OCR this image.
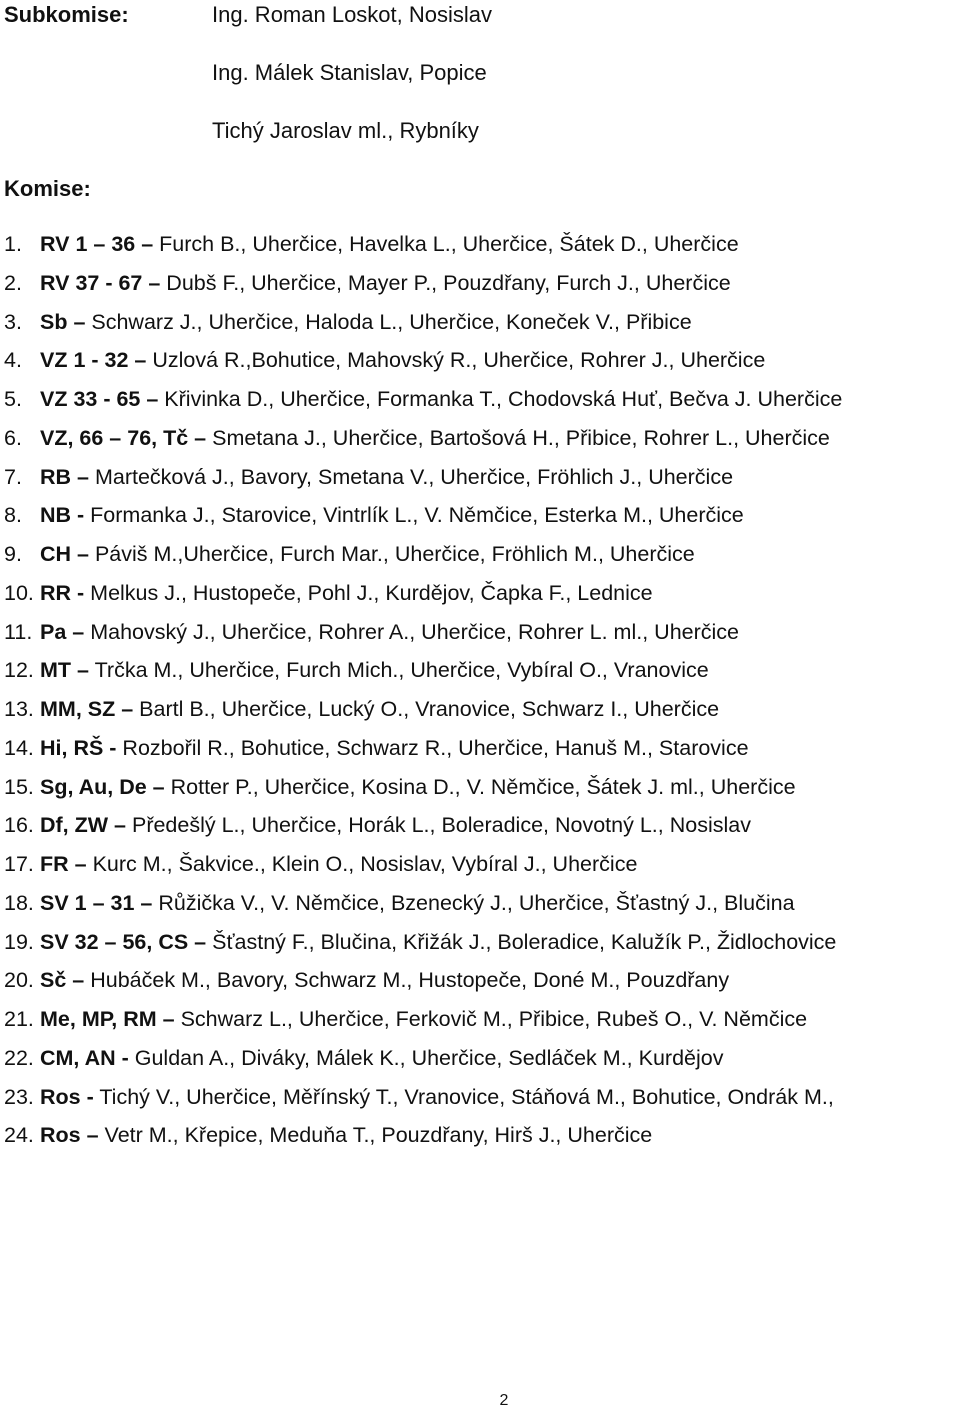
Subkomise:	Ing. Roman Loskot, Nosislav
Ing. Málek Stanislav, Popice
Tichý Jaroslav ml., Rybníky
Komise:
1. RV 1 – 36 – Furch B., Uherčice, Havelka L., Uherčice, Šátek D., Uherčice
2. RV 37 - 67 – Dubš F., Uherčice, Mayer P., Pouzdřany, Furch J., Uherčice
3. Sb – Schwarz J., Uherčice, Haloda L., Uherčice, Koneček V., Přibice
4. VZ 1 - 32 – Uzlová R.,Bohutice, Mahovský R., Uherčice, Rohrer J., Uherčice
5. VZ 33 - 65 – Křivinka D., Uherčice, Formanka T., Chodovská Huť, Bečva J. Uherčice
6. VZ, 66 – 76, Tč – Smetana J., Uherčice, Bartošová H., Přibice, Rohrer L., Uherčice
7. RB – Martečková J., Bavory, Smetana V., Uherčice, Fröhlich J., Uherčice
8. NB - Formanka J., Starovice, Vintrlík L., V. Němčice, Esterka M., Uherčice
9. CH – Páviš M.,Uherčice, Furch Mar., Uherčice, Fröhlich M., Uherčice
10. RR - Melkus J., Hustopeče, Pohl J., Kurdějov, Čapka F., Lednice
11. Pa – Mahovský J., Uherčice, Rohrer A., Uherčice, Rohrer L. ml., Uherčice
12. MT – Trčka M., Uherčice, Furch Mich., Uherčice, Vybíral O., Vranovice
13. MM, SZ – Bartl B., Uherčice, Lucký O., Vranovice, Schwarz I., Uherčice
14. Hi, RŠ - Rozbořil R., Bohutice, Schwarz R., Uherčice, Hanuš M., Starovice
15. Sg, Au, De – Rotter P., Uherčice, Kosina D., V. Němčice, Šátek J. ml., Uherčice
16. Df, ZW – Předešlý L., Uherčice, Horák L., Boleradice, Novotný L., Nosislav
17. FR – Kurc M., Šakvice., Klein O., Nosislav, Vybíral J., Uherčice
18. SV 1 – 31 – Růžička V., V. Němčice, Bzenecký J., Uherčice, Šťastný J., Blučina
19. SV 32 – 56, CS – Šťastný F., Blučina, Křižák J., Boleradice, Kalužík P., Židlochovice
20. Sč – Hubáček M., Bavory, Schwarz M., Hustopeče, Doné M., Pouzdřany
21. Me, MP, RM – Schwarz L., Uherčice, Ferkovič M., Přibice, Rubeš O., V. Němčice
22. CM, AN - Guldan A., Diváky, Málek K., Uherčice, Sedláček M., Kurdějov
23. Ros - Tichý V., Uherčice, Měřínský T., Vranovice, Stáňová M., Bohutice, Ondrák M.,
24. Ros – Vetr M., Křepice, Meduňa T., Pouzdřany, Hirš J., Uherčice
2
